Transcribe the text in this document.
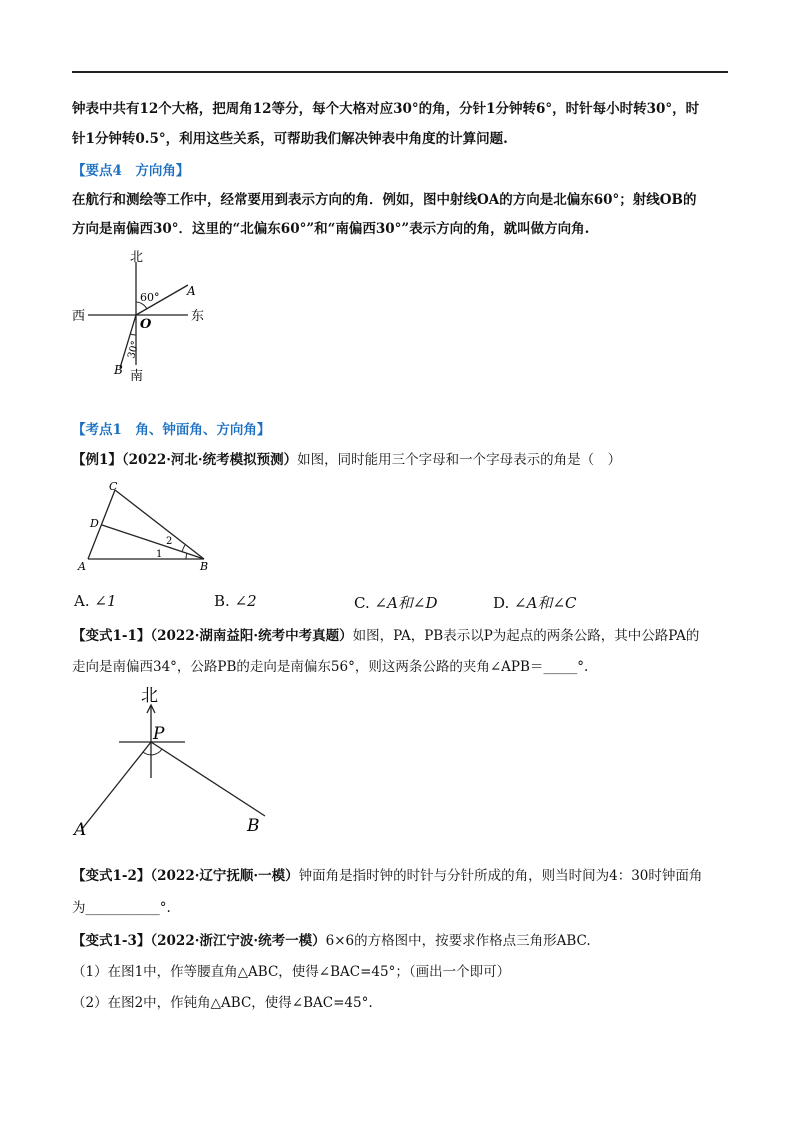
钟表中共有12个大格，把周角12等分，每个大格对应30°的角，分针1分钟转6°，时针每小时转30°，时
针1分钟转0.5°，利用这些关系，可帮助我们解决钟表中角度的计算问题.
【要点4　方向角】
在航行和测绘等工作中，经常要用到表示方向的角．例如，图中射线OA的方向是北偏东60°；射线OB的
方向是南偏西30°．这里的“北偏东60°”和“南偏西30°”表示方向的角，就叫做方向角.
北
南
西	东
O
A
B
60°
30°
【考点1　角、钟面角、方向角】
【例1】（2022·河北·统考模拟预测）如图，同时能用三个字母和一个字母表示的角是（　）
C
D
A	B
1
2
A. ∠1	B. ∠2	C. ∠A和∠D	D. ∠A和∠C
【变式1-1】（2022·湖南益阳·统考中考真题）如图，PA，PB表示以P为起点的两条公路，其中公路PA的
走向是南偏西34°，公路PB的走向是南偏东56°，则这两条公路的夹角∠APB＝_____°.
北
P
A	B
【变式1-2】（2022·辽宁抚顺·一模）钟面角是指时钟的时针与分针所成的角，则当时间为4：30时钟面角
为___________°.
【变式1-3】（2022·浙江宁波·统考一模）6×6的方格图中，按要求作格点三角形ABC.
（1）在图1中，作等腰直角△ABC，使得∠BAC=45°；（画出一个即可）
（2）在图2中，作钝角△ABC，使得∠BAC=45°.
